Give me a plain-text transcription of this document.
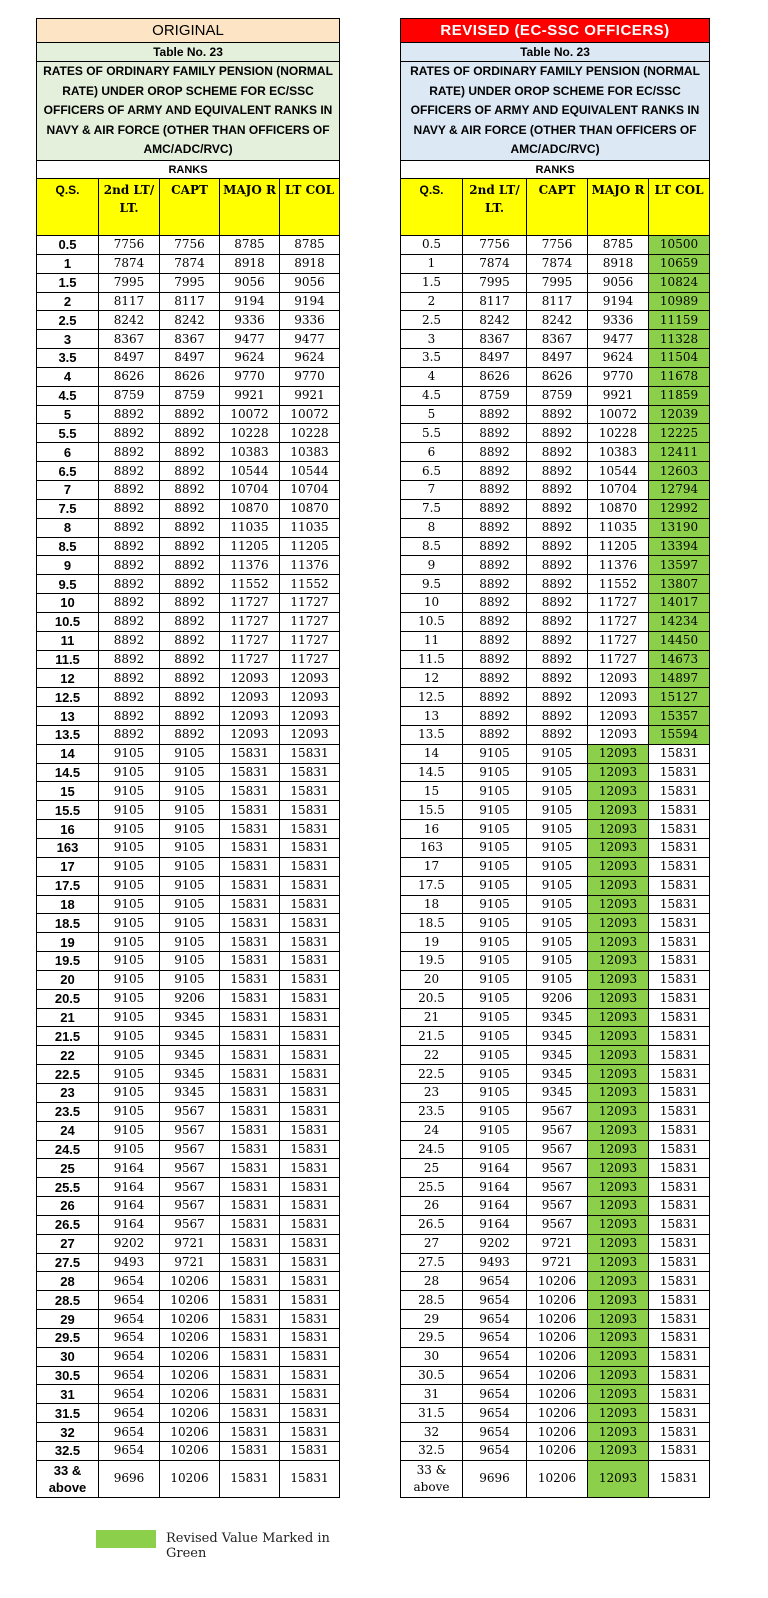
ORIGINAL				
Table No. 23				
RATES OF ORDINARY FAMILY PENSION (NORMAL RATE) UNDER OROP SCHEME FOR EC/SSC OFFICERS OF ARMY AND EQUIVALENT RANKS IN NAVY & AIR FORCE (OTHER THAN OFFICERS OF AMC/ADC/RVC)				
RANKS				
Q.S.	2nd LT/ LT.	CAPT	MAJO R	LT COL
0.5	7756	7756	8785	8785
1	7874	7874	8918	8918
1.5	7995	7995	9056	9056
2	8117	8117	9194	9194
2.5	8242	8242	9336	9336
3	8367	8367	9477	9477
3.5	8497	8497	9624	9624
4	8626	8626	9770	9770
4.5	8759	8759	9921	9921
5	8892	8892	10072	10072
5.5	8892	8892	10228	10228
6	8892	8892	10383	10383
6.5	8892	8892	10544	10544
7	8892	8892	10704	10704
7.5	8892	8892	10870	10870
8	8892	8892	11035	11035
8.5	8892	8892	11205	11205
9	8892	8892	11376	11376
9.5	8892	8892	11552	11552
10	8892	8892	11727	11727
10.5	8892	8892	11727	11727
11	8892	8892	11727	11727
11.5	8892	8892	11727	11727
12	8892	8892	12093	12093
12.5	8892	8892	12093	12093
13	8892	8892	12093	12093
13.5	8892	8892	12093	12093
14	9105	9105	15831	15831
14.5	9105	9105	15831	15831
15	9105	9105	15831	15831
15.5	9105	9105	15831	15831
16	9105	9105	15831	15831
163	9105	9105	15831	15831
17	9105	9105	15831	15831
17.5	9105	9105	15831	15831
18	9105	9105	15831	15831
18.5	9105	9105	15831	15831
19	9105	9105	15831	15831
19.5	9105	9105	15831	15831
20	9105	9105	15831	15831
20.5	9105	9206	15831	15831
21	9105	9345	15831	15831
21.5	9105	9345	15831	15831
22	9105	9345	15831	15831
22.5	9105	9345	15831	15831
23	9105	9345	15831	15831
23.5	9105	9567	15831	15831
24	9105	9567	15831	15831
24.5	9105	9567	15831	15831
25	9164	9567	15831	15831
25.5	9164	9567	15831	15831
26	9164	9567	15831	15831
26.5	9164	9567	15831	15831
27	9202	9721	15831	15831
27.5	9493	9721	15831	15831
28	9654	10206	15831	15831
28.5	9654	10206	15831	15831
29	9654	10206	15831	15831
29.5	9654	10206	15831	15831
30	9654	10206	15831	15831
30.5	9654	10206	15831	15831
31	9654	10206	15831	15831
31.5	9654	10206	15831	15831
32	9654	10206	15831	15831
32.5	9654	10206	15831	15831
33 & above	9696	10206	15831	15831
REVISED (EC-SSC OFFICERS)				
Table No. 23				
RATES OF ORDINARY FAMILY PENSION (NORMAL RATE) UNDER OROP SCHEME FOR EC/SSC OFFICERS OF ARMY AND EQUIVALENT RANKS IN NAVY & AIR FORCE (OTHER THAN OFFICERS OF AMC/ADC/RVC)				
RANKS				
Q.S.	2nd LT/ LT.	CAPT	MAJO R	LT COL
0.5	7756	7756	8785	10500
1	7874	7874	8918	10659
1.5	7995	7995	9056	10824
2	8117	8117	9194	10989
2.5	8242	8242	9336	11159
3	8367	8367	9477	11328
3.5	8497	8497	9624	11504
4	8626	8626	9770	11678
4.5	8759	8759	9921	11859
5	8892	8892	10072	12039
5.5	8892	8892	10228	12225
6	8892	8892	10383	12411
6.5	8892	8892	10544	12603
7	8892	8892	10704	12794
7.5	8892	8892	10870	12992
8	8892	8892	11035	13190
8.5	8892	8892	11205	13394
9	8892	8892	11376	13597
9.5	8892	8892	11552	13807
10	8892	8892	11727	14017
10.5	8892	8892	11727	14234
11	8892	8892	11727	14450
11.5	8892	8892	11727	14673
12	8892	8892	12093	14897
12.5	8892	8892	12093	15127
13	8892	8892	12093	15357
13.5	8892	8892	12093	15594
14	9105	9105	12093	15831
14.5	9105	9105	12093	15831
15	9105	9105	12093	15831
15.5	9105	9105	12093	15831
16	9105	9105	12093	15831
163	9105	9105	12093	15831
17	9105	9105	12093	15831
17.5	9105	9105	12093	15831
18	9105	9105	12093	15831
18.5	9105	9105	12093	15831
19	9105	9105	12093	15831
19.5	9105	9105	12093	15831
20	9105	9105	12093	15831
20.5	9105	9206	12093	15831
21	9105	9345	12093	15831
21.5	9105	9345	12093	15831
22	9105	9345	12093	15831
22.5	9105	9345	12093	15831
23	9105	9345	12093	15831
23.5	9105	9567	12093	15831
24	9105	9567	12093	15831
24.5	9105	9567	12093	15831
25	9164	9567	12093	15831
25.5	9164	9567	12093	15831
26	9164	9567	12093	15831
26.5	9164	9567	12093	15831
27	9202	9721	12093	15831
27.5	9493	9721	12093	15831
28	9654	10206	12093	15831
28.5	9654	10206	12093	15831
29	9654	10206	12093	15831
29.5	9654	10206	12093	15831
30	9654	10206	12093	15831
30.5	9654	10206	12093	15831
31	9654	10206	12093	15831
31.5	9654	10206	12093	15831
32	9654	10206	12093	15831
32.5	9654	10206	12093	15831
33 & above	9696	10206	12093	15831
Revised Value Marked in Green
